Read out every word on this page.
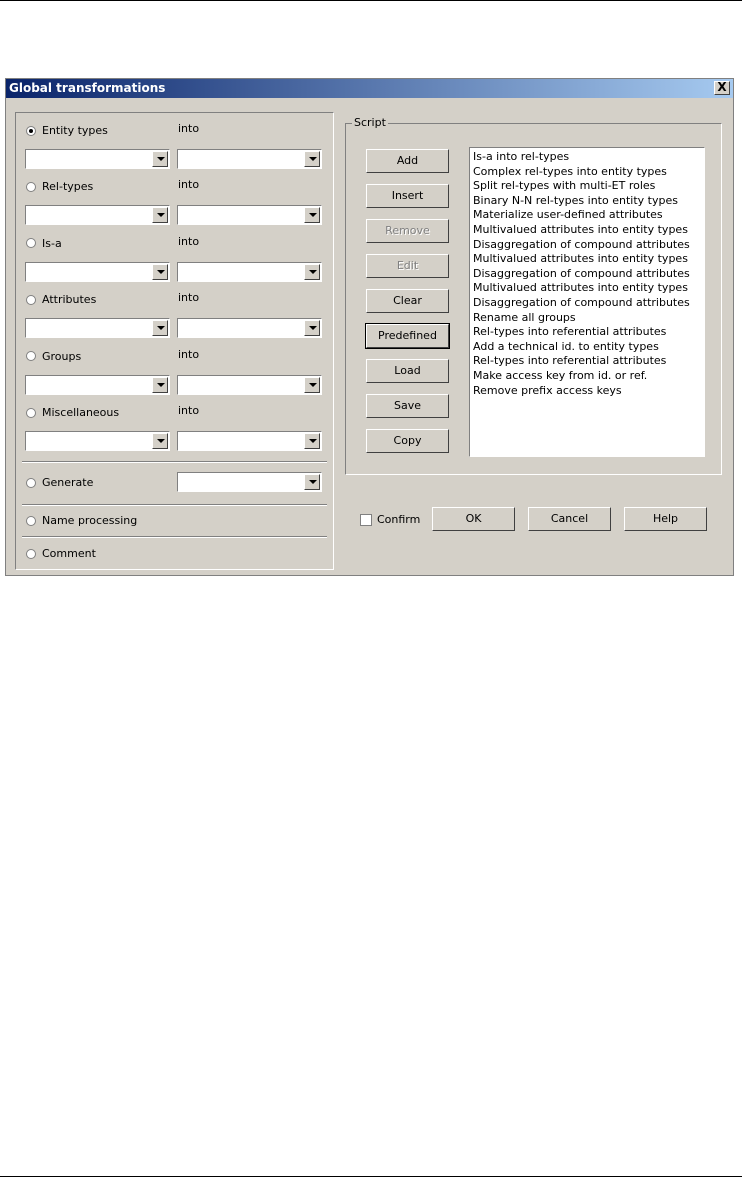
Global transformations	X
Entity types	into
Rel-types	into
Is-a	into
Attributes	into
Groups	into
Miscellaneous	into
Generate
Name processing
Comment
Script
Add
Insert
Remove
Edit
Clear
Predefined
Load
Save
Copy
Is-a into rel-types
Complex rel-types into entity types
Split rel-types with multi-ET roles
Binary N-N rel-types into entity types
Materialize user-defined attributes
Multivalued attributes into entity types
Disaggregation of compound attributes
Multivalued attributes into entity types
Disaggregation of compound attributes
Multivalued attributes into entity types
Disaggregation of compound attributes
Rename all groups
Rel-types into referential attributes
Add a technical id. to entity types
Rel-types into referential attributes
Make access key from id. or ref.
Remove prefix access keys
Confirm	OK	Cancel	Help
